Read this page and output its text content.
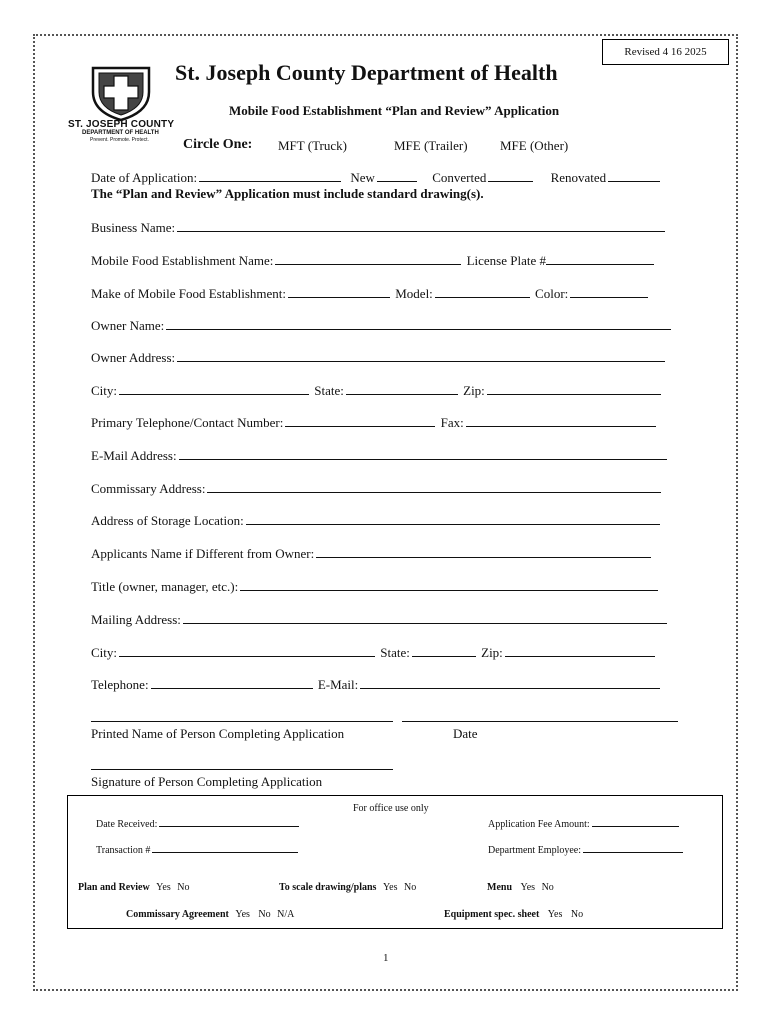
Revised 4 16 2025
ST. JOSEPH COUNTY
DEPARTMENT OF HEALTH
Prevent. Promote. Protect.
St. Joseph County Department of Health
Mobile Food Establishment “Plan and Review” Application
Circle One: MFT (Truck)	MFE (Trailer) MFE (Other)
Date of Application:	New	Converted	Renovated
The “Plan and Review” Application must include standard drawing(s).
Business Name:
Mobile Food Establishment Name:	License Plate #
Make of Mobile Food Establishment:	Model:	Color:
Owner Name:
Owner Address:
City:	State:	Zip:
Primary Telephone/Contact Number:	Fax:
E-Mail Address:
Commissary Address:
Address of Storage Location:
Applicants Name if Different from Owner:
Title (owner, manager, etc.):
Mailing Address:
City:	State:	Zip:
Telephone:	E-Mail:
Printed Name of Person Completing Application	Date
Signature of Person Completing Application
For office use only
Date Received:	Application Fee Amount:
Transaction #	Department Employee:
Plan and Review Yes No	To scale drawing/plans Yes No	Menu Yes No
Commissary Agreement Yes No N/A	Equipment spec. sheet Yes No
1
